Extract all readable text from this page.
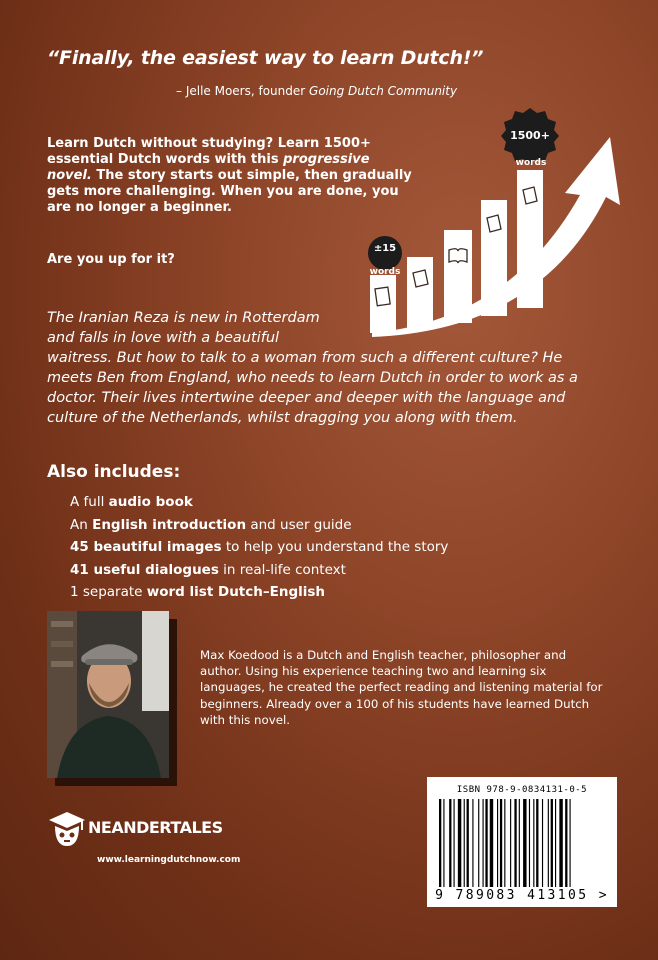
“Finally, the easiest way to learn Dutch!”
– Jelle Moers, founder Going Dutch Community
Learn Dutch without studying? Learn 1500+ essential Dutch words with this progressive novel. The story starts out simple, then gradually gets more challenging. When you are done, you are no longer a beginner.
Are you up for it?
The Iranian Reza is new in Rotterdam
and falls in love with a beautiful
waitress. But how to talk to a woman from such a different culture? He meets Ben from England, who needs to learn Dutch in order to work as a doctor. Their lives intertwine deeper and deeper with the language and culture of the Netherlands, whilst dragging you along with them.
±15
words
1500+
words
Also includes:
A full audio book
An English introduction and user guide
45 beautiful images to help you understand the story
41 useful dialogues in real-life context
1 separate word list Dutch–English
Max Koedood is a Dutch and English teacher, philosopher and author. Using his experience teaching two and learning six languages, he created the perfect reading and listening material for beginners. Already over a 100 of his students have learned Dutch with this novel.
NEANDERTALES
www.learningdutchnow.com
ISBN 978-9-0834131-0-5
9 789083 413105 >
